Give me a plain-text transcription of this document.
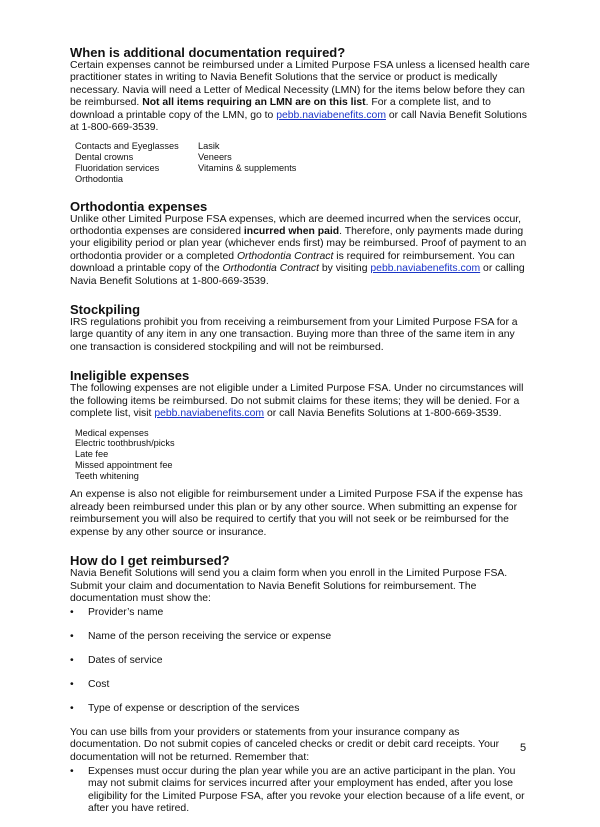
When is additional documentation required?

Certain expenses cannot be reimbursed under a Limited Purpose FSA unless a licensed health care practitioner states in writing to Navia Benefit Solutions that the service or product is medically necessary. Navia will need a Letter of Medical Necessity (LMN) for the items below before they can be reimbursed. Not all items requiring an LMN are on this list. For a complete list, and to download a printable copy of the LMN, go to pebb.naviabenefits.com or call Navia Benefit Solutions at 1-800-669-3539.

Contacts and Eyeglasses	Lasik
Dental crowns	Veneers
Fluoridation services	Vitamins & supplements
Orthodontia
Orthodontia expenses

Unlike other Limited Purpose FSA expenses, which are deemed incurred when the services occur, orthodontia expenses are considered incurred when paid. Therefore, only payments made during your eligibility period or plan year (whichever ends first) may be reimbursed. Proof of payment to an orthodontia provider or a completed Orthodontia Contract is required for reimbursement. You can download a printable copy of the Orthodontia Contract by visiting pebb.naviabenefits.com or calling Navia Benefit Solutions at 1-800-669-3539.

Stockpiling

IRS regulations prohibit you from receiving a reimbursement from your Limited Purpose FSA for a large quantity of any item in any one transaction. Buying more than three of the same item in any one transaction is considered stockpiling and will not be reimbursed.

Ineligible expenses

The following expenses are not eligible under a Limited Purpose FSA. Under no circumstances will the following items be reimbursed. Do not submit claims for these items; they will be denied. For a complete list, visit pebb.naviabenefits.com or call Navia Benefits Solutions at 1-800-669-3539.

Medical expenses
Electric toothbrush/picks
Late fee
Missed appointment fee
Teeth whitening

An expense is also not eligible for reimbursement under a Limited Purpose FSA if the expense has already been reimbursed under this plan or by any other source. When submitting an expense for reimbursement you will also be required to certify that you will not seek or be reimbursed for the expense by any other source or insurance.

How do I get reimbursed?

Navia Benefit Solutions will send you a claim form when you enroll in the Limited Purpose FSA. Submit your claim and documentation to Navia Benefit Solutions for reimbursement. The documentation must show the:

• Provider’s name
• Name of the person receiving the service or expense
• Dates of service
• Cost
• Type of expense or description of the services

You can use bills from your providers or statements from your insurance company as documentation. Do not submit copies of canceled checks or credit or debit card receipts. Your documentation will not be returned. Remember that:

• Expenses must occur during the plan year while you are an active participant in the plan. You may not submit claims for services incurred after your employment has ended, after you lose eligibility for the Limited Purpose FSA, after you revoke your election because of a life event, or after you have retired.
5
